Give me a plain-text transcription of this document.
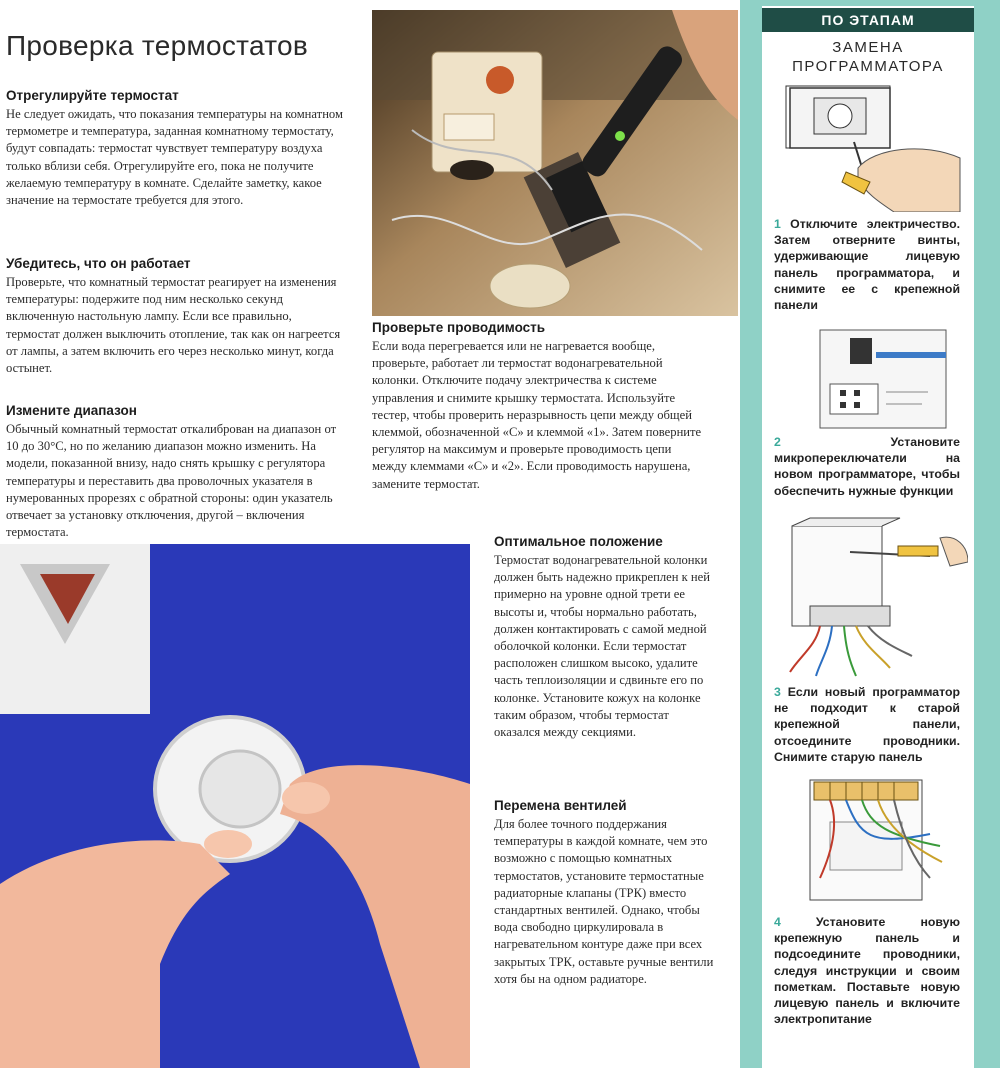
Проверка термостатов
Отрегулируйте термостат

Не следует ожидать, что показания температуры на комнатном термометре и температура, заданная комнатному термостату, будут совпадать: термостат чувствует температуру воздуха только вблизи себя. Отрегулируйте его, пока не получите желаемую температуру в комнате. Сделайте заметку, какое значение на термостате требуется для этого.

Убедитесь, что он работает

Проверьте, что комнатный термостат реагирует на изменения температуры: подержите под ним несколько секунд включенную настольную лампу. Если все правильно, термостат должен выключить отопление, так как он нагреется от лампы, а затем включить его через несколько минут, когда остынет.

Измените диапазон

Обычный комнатный термостат откалиброван на диапазон от 10 до 30°С, но по желанию диапазон можно изменить. На модели, показанной внизу, надо снять крышку с регулятора температуры и переставить два проволочных указателя в нумерованных прорезях с обратной стороны: один указатель отвечает за установку отключения, другой – включения термостата.

Проверьте проводимость

Если вода перегревается или не нагревается вообще, проверьте, работает ли термостат водонагревательной колонки. Отключите подачу электричества к системе управления и снимите крышку термостата. Используйте тестер, чтобы проверить неразрывность цепи между общей клеммой, обозначенной «С» и клеммой «1». Затем поверните регулятор на максимум и проверьте проводимость цепи между клеммами «С» и «2». Если проводимость нарушена, замените термостат.

Оптимальное положение

Термостат водонагревательной колонки должен быть надежно прикреплен к ней примерно на уровне одной трети ее высоты и, чтобы нормально работать, должен контактировать с самой медной оболочкой колонки. Если термостат расположен слишком высоко, удалите часть теплоизоляции и сдвиньте его по колонке. Установите кожух на колонке таким образом, чтобы термостат оказался между секциями.

Перемена вентилей

Для более точного поддержания температуры в каждой комнате, чем это возможно с помощью комнатных термостатов, установите термостатные радиаторные клапаны (ТРК) вместо стандартных вентилей. Однако, чтобы вода свободно циркулировала в нагревательном контуре даже при всех закрытых ТРК, оставьте ручные вентили хотя бы на одном радиаторе.

ПО ЭТАПАМ
ЗАМЕНА
ПРОГРАММАТОРА
1 Отключите электричество. Затем отверните винты, удерживающие лицевую панель программатора, и снимите ее с крепежной панели
2	Установите микропереключатели на новом программаторе, чтобы обеспечить нужные функции
3 Если новый программатор не подходит к старой крепежной панели, отсоедините проводники. Снимите старую панель
4	Установите новую крепежную панель и подсоедините проводники, следуя инструкции и своим пометкам. Поставьте новую лицевую панель и включите электропитание
